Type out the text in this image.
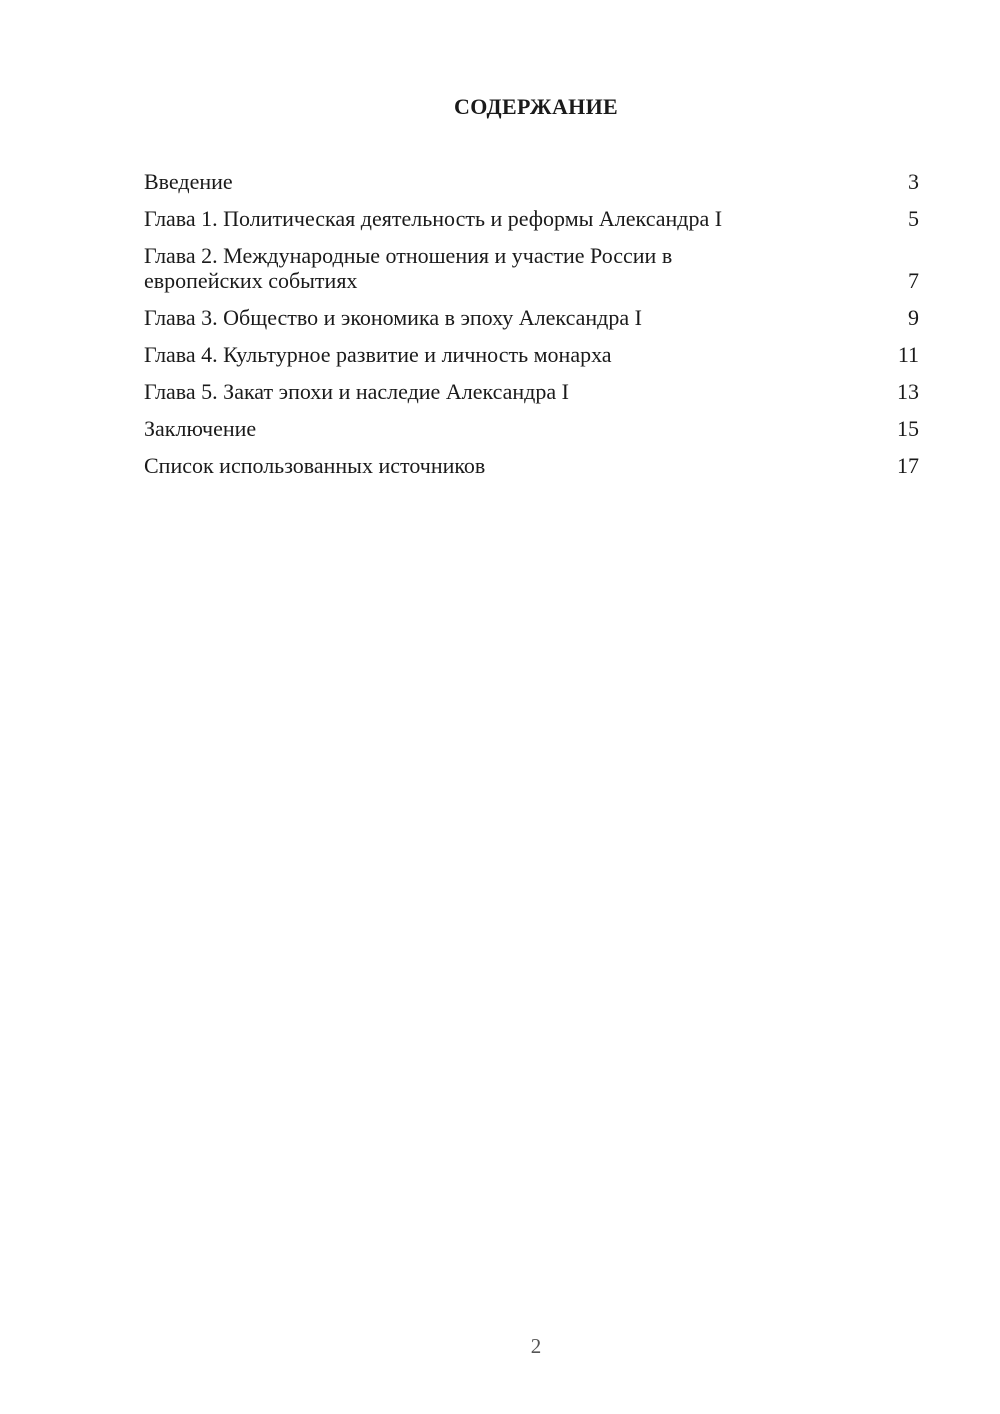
СОДЕРЖАНИЕ
Введение	3
Глава 1. Политическая деятельность и реформы Александра I	5
Глава 2. Международные отношения и участие России в европейских событиях	7
Глава 3. Общество и экономика в эпоху Александра I	9
Глава 4. Культурное развитие и личность монарха	11
Глава 5. Закат эпохи и наследие Александра I	13
Заключение	15
Список использованных источников	17
2
